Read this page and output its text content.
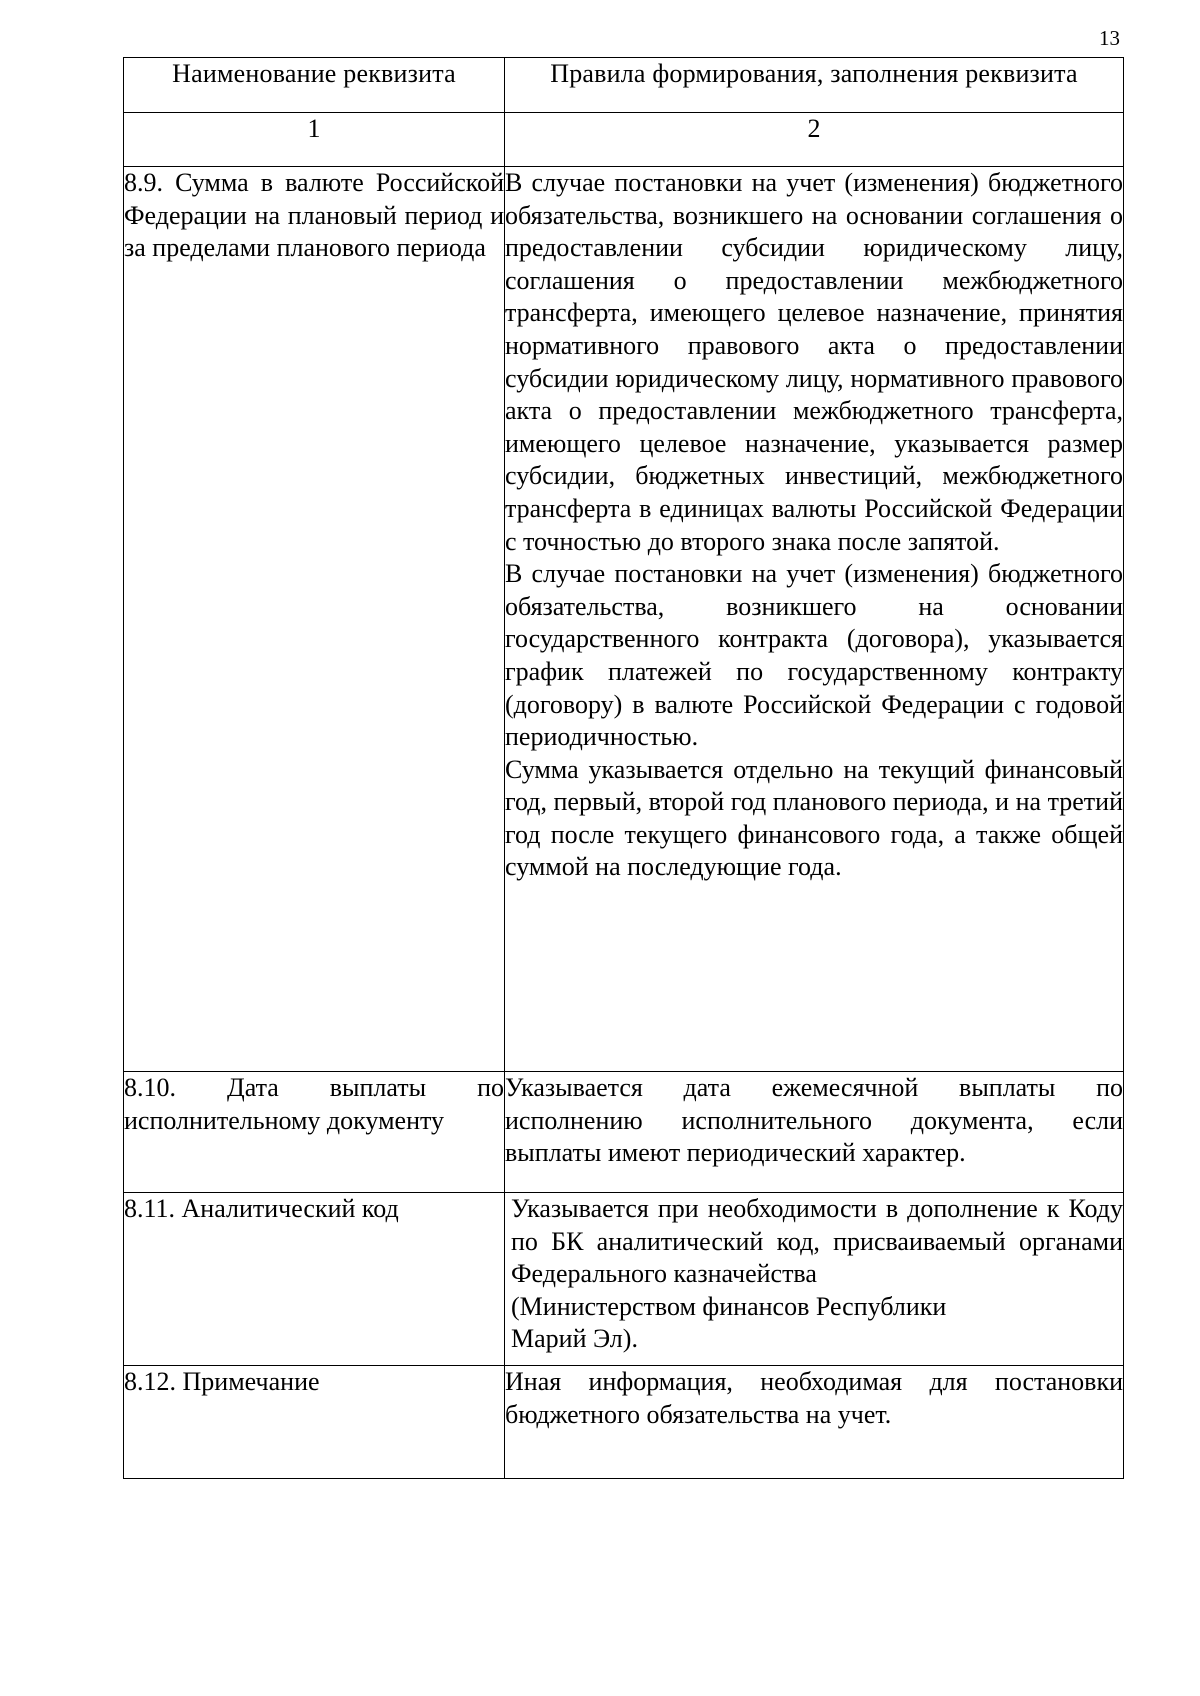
13
Наименование реквизита	Правила формирования, заполнения реквизита
1	2

8.9. Сумма в валюте Российской Федерации на плановый период и за пределами планового периода	В случае постановки на учет (изменения) бюджетного обязательства, возникшего на основании соглашения о предоставлении субсидии юридическому лицу, соглашения о предоставлении межбюджетного трансферта, имеющего целевое назначение, принятия нормативного правового акта о предоставлении субсидии юридическому лицу, нормативного правового акта о предоставлении межбюджетного трансферта, имеющего целевое назначение, указывается размер субсидии, бюджетных инвестиций, межбюджетного трансферта в единицах валюты Российской Федерации с точностью до второго знака после запятой.

В случае постановки на учет (изменения) бюджетного обязательства, возникшего на основании государственного контракта (договора), указывается график платежей по государственному контракту (договору) в валюте Российской Федерации с годовой периодичностью.

Сумма указывается отдельно на текущий финансовый год, первый, второй год планового периода, и на третий год после текущего финансового года, а также общей суммой на последующие года.

8.10. Дата выплаты по исполнительному документу	Указывается дата ежемесячной выплаты по исполнению исполнительного документа, если выплаты имеют периодический характер.

8.11. Аналитический код	Указывается при необходимости в дополнение к Коду по БК аналитический код, присваиваемый органами Федерального казначейства

(Министерством финансов Республики

Марий Эл).

8.12. Примечание	Иная информация, необходимая для постановки бюджетного обязательства на учет.
